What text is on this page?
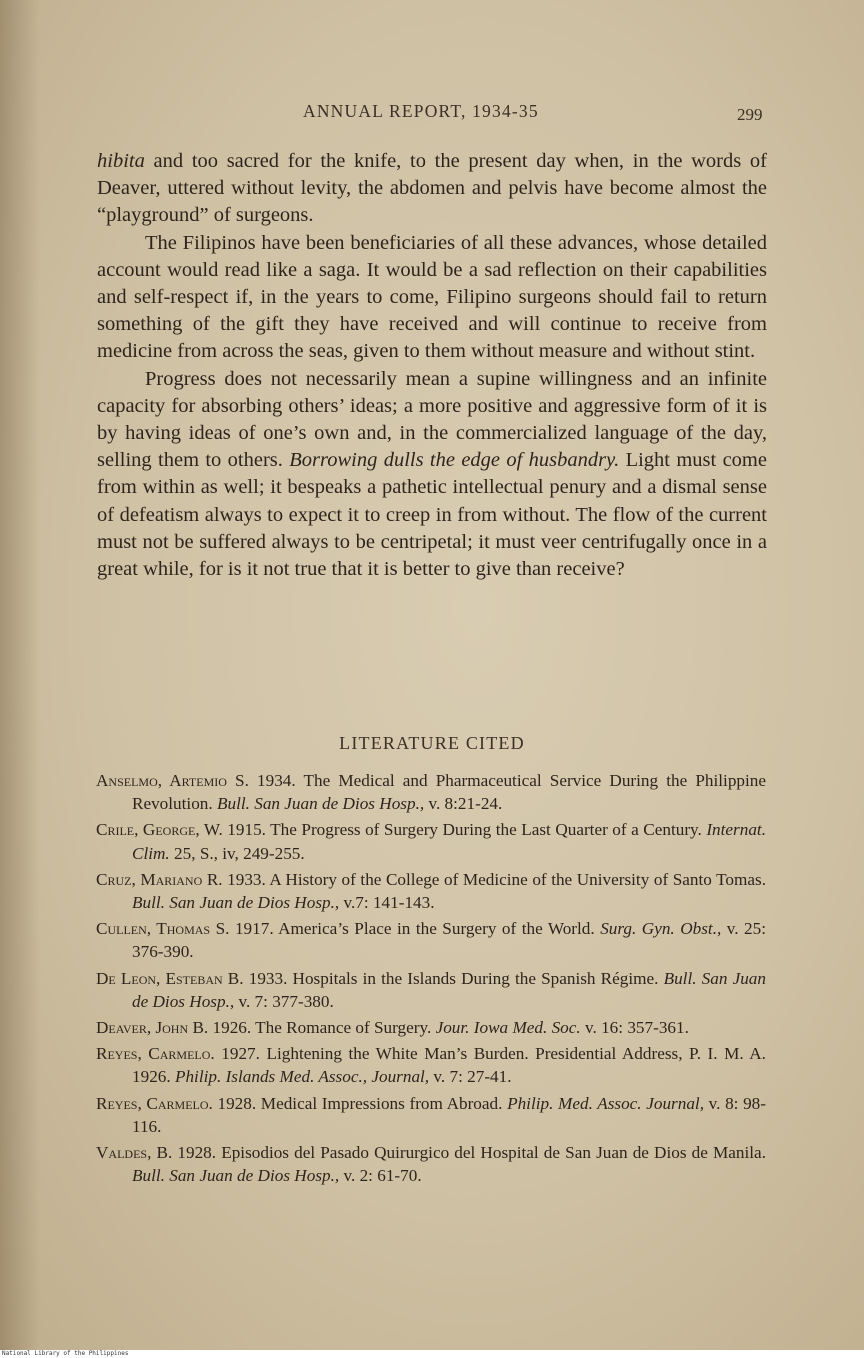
ANNUAL REPORT, 1934-35	299

hibita and too sacred for the knife, to the present day when, in the words of Deaver, uttered without levity, the abdomen and pelvis have become almost the “playground” of surgeons.

The Filipinos have been beneficiaries of all these advances, whose detailed account would read like a saga. It would be a sad reflection on their capabilities and self-respect if, in the years to come, Filipino surgeons should fail to return something of the gift they have received and will continue to receive from medicine from across the seas, given to them without measure and without stint.

Progress does not necessarily mean a supine willingness and an infinite capacity for absorbing others’ ideas; a more positive and aggressive form of it is by having ideas of one’s own and, in the commercialized language of the day, selling them to others. Borrowing dulls the edge of husbandry. Light must come from within as well; it bespeaks a pathetic intellectual penury and a dismal sense of defeatism always to expect it to creep in from without. The flow of the current must not be suffered always to be centripetal; it must veer centrifugally once in a great while, for is it not true that it is better to give than receive?

LITERATURE CITED
Anselmo, Artemio S. 1934. The Medical and Pharmaceutical Service During the Philippine Revolution. Bull. San Juan de Dios Hosp., v. 8:21-24.
Crile, George, W. 1915. The Progress of Surgery During the Last Quarter of a Century. Internat. Clim. 25, S., iv, 249-255.
Cruz, Mariano R. 1933. A History of the College of Medicine of the University of Santo Tomas. Bull. San Juan de Dios Hosp., v.7: 141-143.
Cullen, Thomas S. 1917. America’s Place in the Surgery of the World. Surg. Gyn. Obst., v. 25: 376-390.
De Leon, Esteban B. 1933. Hospitals in the Islands During the Spanish Régime. Bull. San Juan de Dios Hosp., v. 7: 377-380.
Deaver, John B. 1926. The Romance of Surgery. Jour. Iowa Med. Soc. v. 16: 357-361.
Reyes, Carmelo. 1927. Lightening the White Man’s Burden. Presidential Address, P. I. M. A. 1926. Philip. Islands Med. Assoc., Journal, v. 7: 27-41.
Reyes, Carmelo. 1928. Medical Impressions from Abroad. Philip. Med. Assoc. Journal, v. 8: 98-116.
Valdes, B. 1928. Episodios del Pasado Quirurgico del Hospital de San Juan de Dios de Manila. Bull. San Juan de Dios Hosp., v. 2: 61-70.
National Library of the Philippines
